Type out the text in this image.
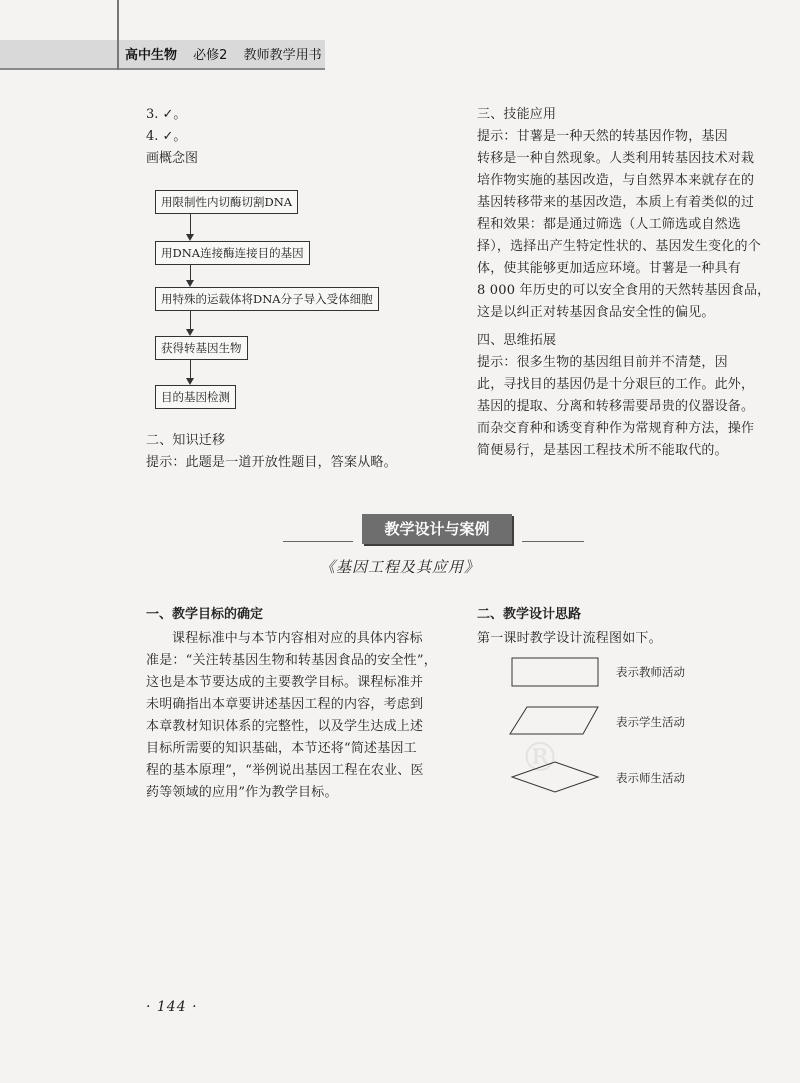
高中生物 必修2 教师教学用书
3. ✓。
4. ✓。
画概念图
用限制性内切酶切割DNA
用DNA连接酶连接目的基因
用特殊的运载体将DNA分子导入受体细胞
获得转基因生物
目的基因检测
二、知识迁移
提示：此题是一道开放性题目，答案从略。
三、技能应用
提示：甘薯是一种天然的转基因作物，基因
转移是一种自然现象。人类利用转基因技术对栽
培作物实施的基因改造，与自然界本来就存在的
基因转移带来的基因改造，本质上有着类似的过
程和效果：都是通过筛选（人工筛选或自然选
择），选择出产生特定性状的、基因发生变化的个
体，使其能够更加适应环境。甘薯是一种具有
8 000 年历史的可以安全食用的天然转基因食品，
这是以纠正对转基因食品安全性的偏见。
四、思维拓展
提示：很多生物的基因组目前并不清楚，因
此，寻找目的基因仍是十分艰巨的工作。此外，
基因的提取、分离和转移需要昂贵的仪器设备。
而杂交育种和诱变育种作为常规育种方法，操作
简便易行，是基因工程技术所不能取代的。
教学设计与案例
《基因工程及其应用》
®
一、教学目标的确定
课程标准中与本节内容相对应的具体内容标
准是：“关注转基因生物和转基因食品的安全性”，
这也是本节要达成的主要教学目标。课程标准并
未明确指出本章要讲述基因工程的内容，考虑到
本章教材知识体系的完整性，以及学生达成上述
目标所需要的知识基础，本节还将“简述基因工
程的基本原理”，“举例说出基因工程在农业、医
药等领域的应用”作为教学目标。
二、教学设计思路
第一课时教学设计流程图如下。
表示教师活动
表示学生活动
表示师生活动
· 144 ·
